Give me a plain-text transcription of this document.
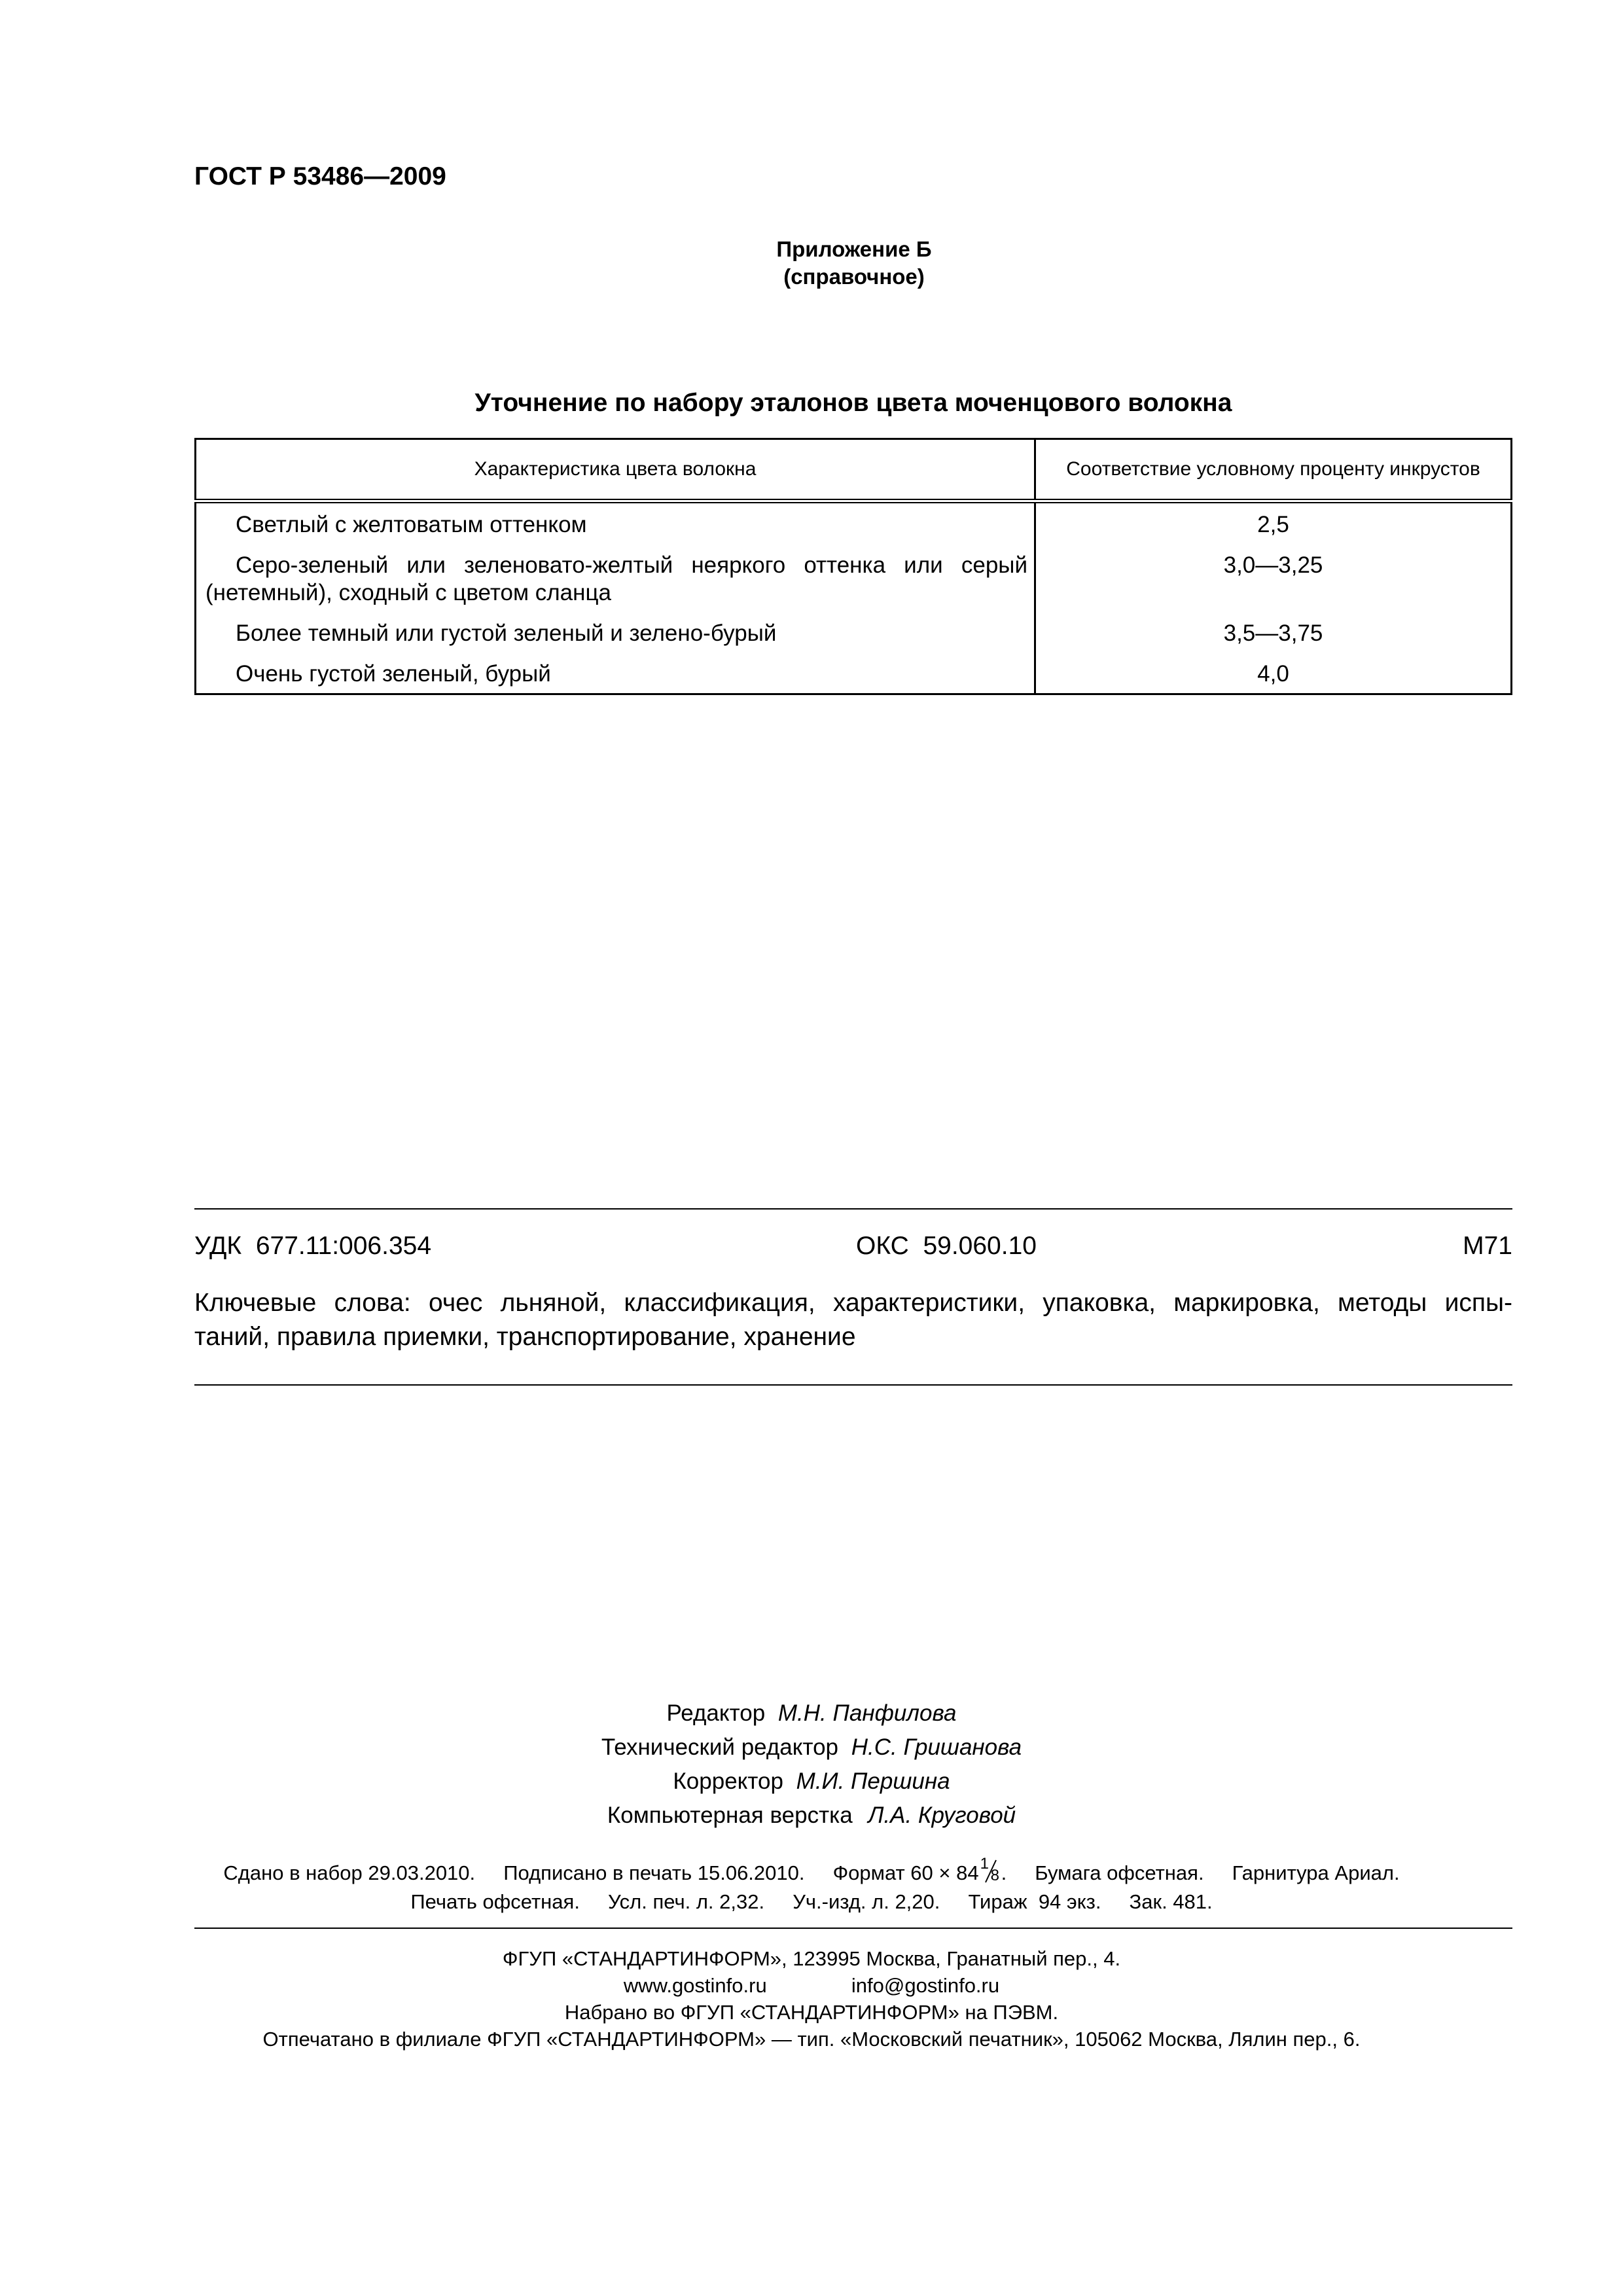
ГОСТ Р 53486—2009
Приложение Б
(справочное)
Уточнение по набору эталонов цвета моченцового волокна
Характеристика цвета волокна	Соответствие условному проценту инкрустов
Светлый с желтоватым оттенком	2,5
Серо-зеленый или зеленовато-желтый неяркого оттенка или серый (нетемный), сходный с цветом сланца	3,0—3,25
Более темный или густой зеленый и зелено-бурый	3,5—3,75
Очень густой зеленый, бурый	4,0
УДК  677.11:006.354	ОКС  59.060.10	М71
Ключевые слова: очес льняной, классификация, характеристики, упаковка, маркировка, методы испы-
таний, правила приемки, транспортирование, хранение
Редактор М.Н. Панфилова
Технический редактор Н.С. Гришанова
Корректор М.И. Першина
Компьютерная верстка Л.А. Круговой
Сдано в набор 29.03.2010. Подписано в печать 15.06.2010. Формат 60 × 84 1
8 .     Бумага офсетная. Гарнитура Ариал.
Печать офсетная. Усл. печ. л. 2,32. Уч.-изд. л. 2,20. Тираж  94 экз. Зак. 481.
ФГУП «СТАНДАРТИНФОРМ», 123995 Москва, Гранатный пер., 4.
www.gostinfo.ru	info@gostinfo.ru
Набрано во ФГУП «СТАНДАРТИНФОРМ» на ПЭВМ.
Отпечатано в филиале ФГУП «СТАНДАРТИНФОРМ» — тип. «Московский печатник», 105062 Москва, Лялин пер., 6.
